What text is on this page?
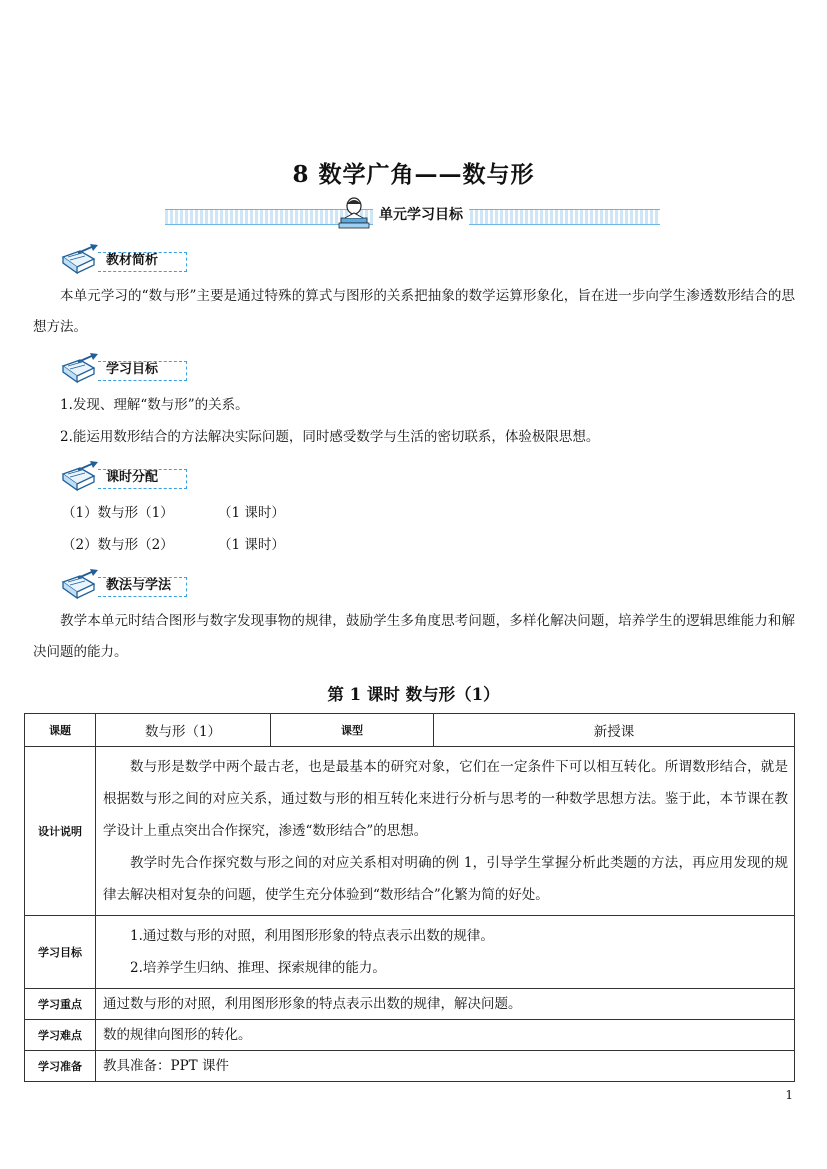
8 数学广角——数与形
单元学习目标
教材简析
本单元学习的“数与形”主要是通过特殊的算式与图形的关系把抽象的数学运算形象化，旨在进一步向学生渗透数形结合的思想方法。
学习目标
1.发现、理解“数与形”的关系。
2.能运用数形结合的方法解决实际问题，同时感受数学与生活的密切联系，体验极限思想。
课时分配
（1）数与形（1）	（1 课时）
（2）数与形（2）	（1 课时）
教法与学法
教学本单元时结合图形与数字发现事物的规律，鼓励学生多角度思考问题，多样化解决问题，培养学生的逻辑思维能力和解决问题的能力。
第 1 课时 数与形（1）
课题	数与形（1）	课型	新授课
设计说明	数与形是数学中两个最古老，也是最基本的研究对象，它们在一定条件下可以相互转化。所谓数形结合，就是根据数与形之间的对应关系，通过数与形的相互转化来进行分析与思考的一种数学思想方法。鉴于此，本节课在教学设计上重点突出合作探究，渗透“数形结合”的思想。
教学时先合作探究数与形之间的对应关系相对明确的例 1，引导学生掌握分析此类题的方法，再应用发现的规律去解决相对复杂的问题，使学生充分体验到“数形结合”化繁为简的好处。		

学习目标	1.通过数与形的对照，利用图形形象的特点表示出数的规律。
2.培养学生归纳、推理、探索规律的能力。		

学习重点	通过数与形的对照，利用图形形象的特点表示出数的规律，解决问题。		
学习难点	数的规律向图形的转化。		
学习准备	教具准备：PPT 课件		
1
